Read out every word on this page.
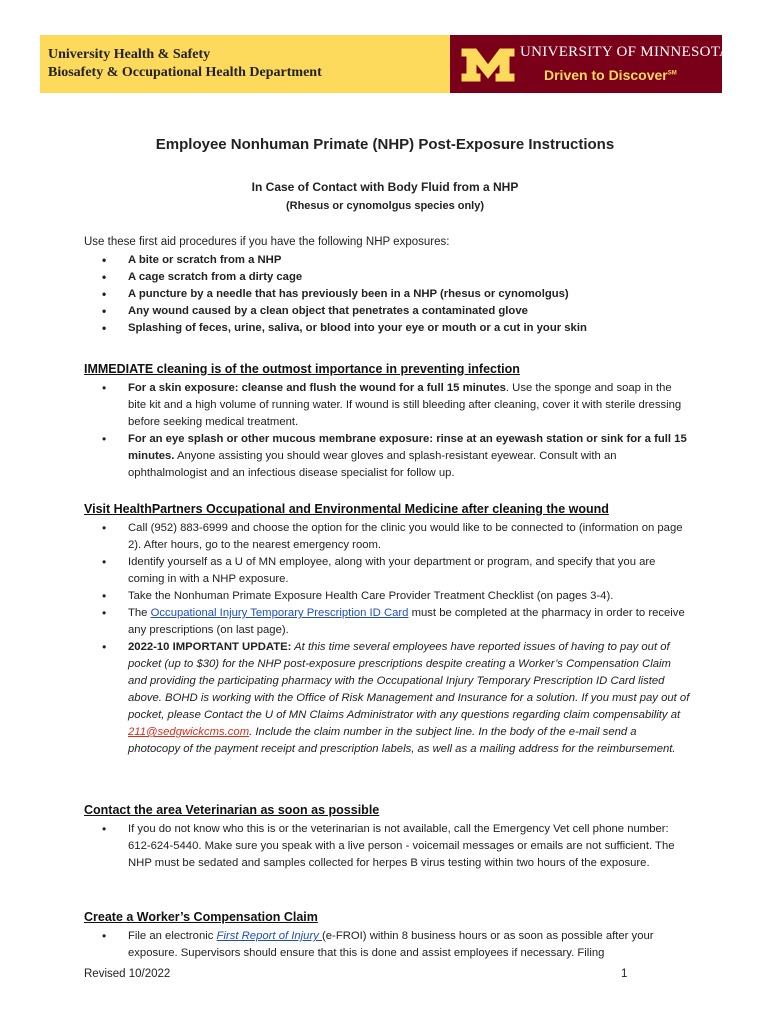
University Health & Safety
Biosafety & Occupational Health Department
UNIVERSITY OF MINNESOTA
Driven to Discover℠
Employee Nonhuman Primate (NHP) Post-Exposure Instructions
In Case of Contact with Body Fluid from a NHP
(Rhesus or cynomolgus species only)
Use these first aid procedures if you have the following NHP exposures:
• A bite or scratch from a NHP
• A cage scratch from a dirty cage
• A puncture by a needle that has previously been in a NHP (rhesus or cynomolgus)
• Any wound caused by a clean object that penetrates a contaminated glove
• Splashing of feces, urine, saliva, or blood into your eye or mouth or a cut in your skin
IMMEDIATE cleaning is of the outmost importance in preventing infection
• For a skin exposure: cleanse and flush the wound for a full 15 minutes. Use the sponge and soap in the bite kit and a high volume of running water. If wound is still bleeding after cleaning, cover it with sterile dressing before seeking medical treatment.
• For an eye splash or other mucous membrane exposure: rinse at an eyewash station or sink for a full 15 minutes. Anyone assisting you should wear gloves and splash-resistant eyewear. Consult with an ophthalmologist and an infectious disease specialist for follow up.
Visit HealthPartners Occupational and Environmental Medicine after cleaning the wound
• Call (952) 883-6999 and choose the option for the clinic you would like to be connected to (information on page 2). After hours, go to the nearest emergency room.
• Identify yourself as a U of MN employee, along with your department or program, and specify that you are coming in with a NHP exposure.
• Take the Nonhuman Primate Exposure Health Care Provider Treatment Checklist (on pages 3-4).
• The Occupational Injury Temporary Prescription ID Card must be completed at the pharmacy in order to receive any prescriptions (on last page).
• 2022-10 IMPORTANT UPDATE: At this time several employees have reported issues of having to pay out of pocket (up to $30) for the NHP post-exposure prescriptions despite creating a Worker’s Compensation Claim and providing the participating pharmacy with the Occupational Injury Temporary Prescription ID Card listed above. BOHD is working with the Office of Risk Management and Insurance for a solution. If you must pay out of pocket, please Contact the U of MN Claims Administrator with any questions regarding claim compensability at 211@sedgwickcms.com. Include the claim number in the subject line. In the body of the e-mail send a photocopy of the payment receipt and prescription labels, as well as a mailing address for the reimbursement.
Contact the area Veterinarian as soon as possible
• If you do not know who this is or the veterinarian is not available, call the Emergency Vet cell phone number: 612-624-5440. Make sure you speak with a live person - voicemail messages or emails are not sufficient. The NHP must be sedated and samples collected for herpes B virus testing within two hours of the exposure.
Create a Worker’s Compensation Claim
• File an electronic First Report of Injury (e-FROI) within 8 business hours or as soon as possible after your exposure. Supervisors should ensure that this is done and assist employees if necessary. Filing
Revised 10/2022	1
